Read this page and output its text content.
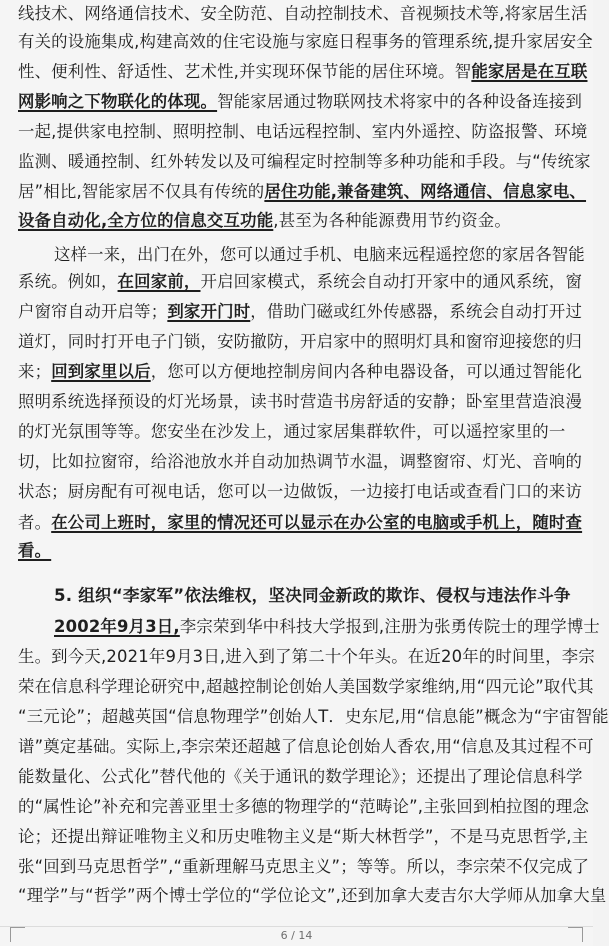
线技术、网络通信技术、安全防范、自动控制技术、音视频技术等,将家居生活
有关的设施集成,构建高效的住宅设施与家庭日程事务的管理系统,提升家居安全
性、便利性、舒适性、艺术性,并实现环保节能的居住环境。智能家居是在互联
网影响之下物联化的体现。智能家居通过物联网技术将家中的各种设备连接到
一起,提供家电控制、照明控制、电话远程控制、室内外遥控、防盗报警、环境
监测、暖通控制、红外转发以及可编程定时控制等多种功能和手段。与“传统家
居”相比,智能家居不仅具有传统的居住功能,兼备建筑、网络通信、信息家电、
设备自动化,全方位的信息交互功能,甚至为各种能源费用节约资金。
这样一来，出门在外，您可以通过手机、电脑来远程遥控您的家居各智能
系统。例如，在回家前，开启回家模式，系统会自动打开家中的通风系统，窗
户窗帘自动开启等；到家开门时，借助门磁或红外传感器，系统会自动打开过
道灯，同时打开电子门锁，安防撤防，开启家中的照明灯具和窗帘迎接您的归
来；回到家里以后，您可以方便地控制房间内各种电器设备，可以通过智能化
照明系统选择预设的灯光场景，读书时营造书房舒适的安静；卧室里营造浪漫
的灯光氛围等等。您安坐在沙发上，通过家居集群软件，可以遥控家里的一
切，比如拉窗帘，给浴池放水并自动加热调节水温，调整窗帘、灯光、音响的
状态；厨房配有可视电话，您可以一边做饭，一边接打电话或查看门口的来访
者。在公司上班时，家里的情况还可以显示在办公室的电脑或手机上，随时查
看。
5. 组织“李家军”依法维权，坚决同金新政的欺诈、侵权与违法作斗争
2002年9月3日,李宗荣到华中科技大学报到,注册为张勇传院士的理学博士
生。到今天,2021年9月3日,进入到了第二十个年头。在近20年的时间里，李宗
荣在信息科学理论研究中,超越控制论创始人美国数学家维纳,用“四元论”取代其
“三元论”；超越英国“信息物理学”创始人T．史东尼,用“信息能”概念为“宇宙智能
谱”奠定基础。实际上,李宗荣还超越了信息论创始人香农,用“信息及其过程不可
能数量化、公式化”替代他的《关于通讯的数学理论》；还提出了理论信息科学
的“属性论”补充和完善亚里士多德的物理学的“范畴论”,主张回到柏拉图的理念
论；还提出辩证唯物主义和历史唯物主义是“斯大林哲学”，不是马克思哲学,主
张“回到马克思哲学”,“重新理解马克思主义”；等等。所以，李宗荣不仅完成了
“理学”与“哲学”两个博士学位的“学位论文”,还到加拿大麦吉尔大学师从加拿大皇
6 / 14
